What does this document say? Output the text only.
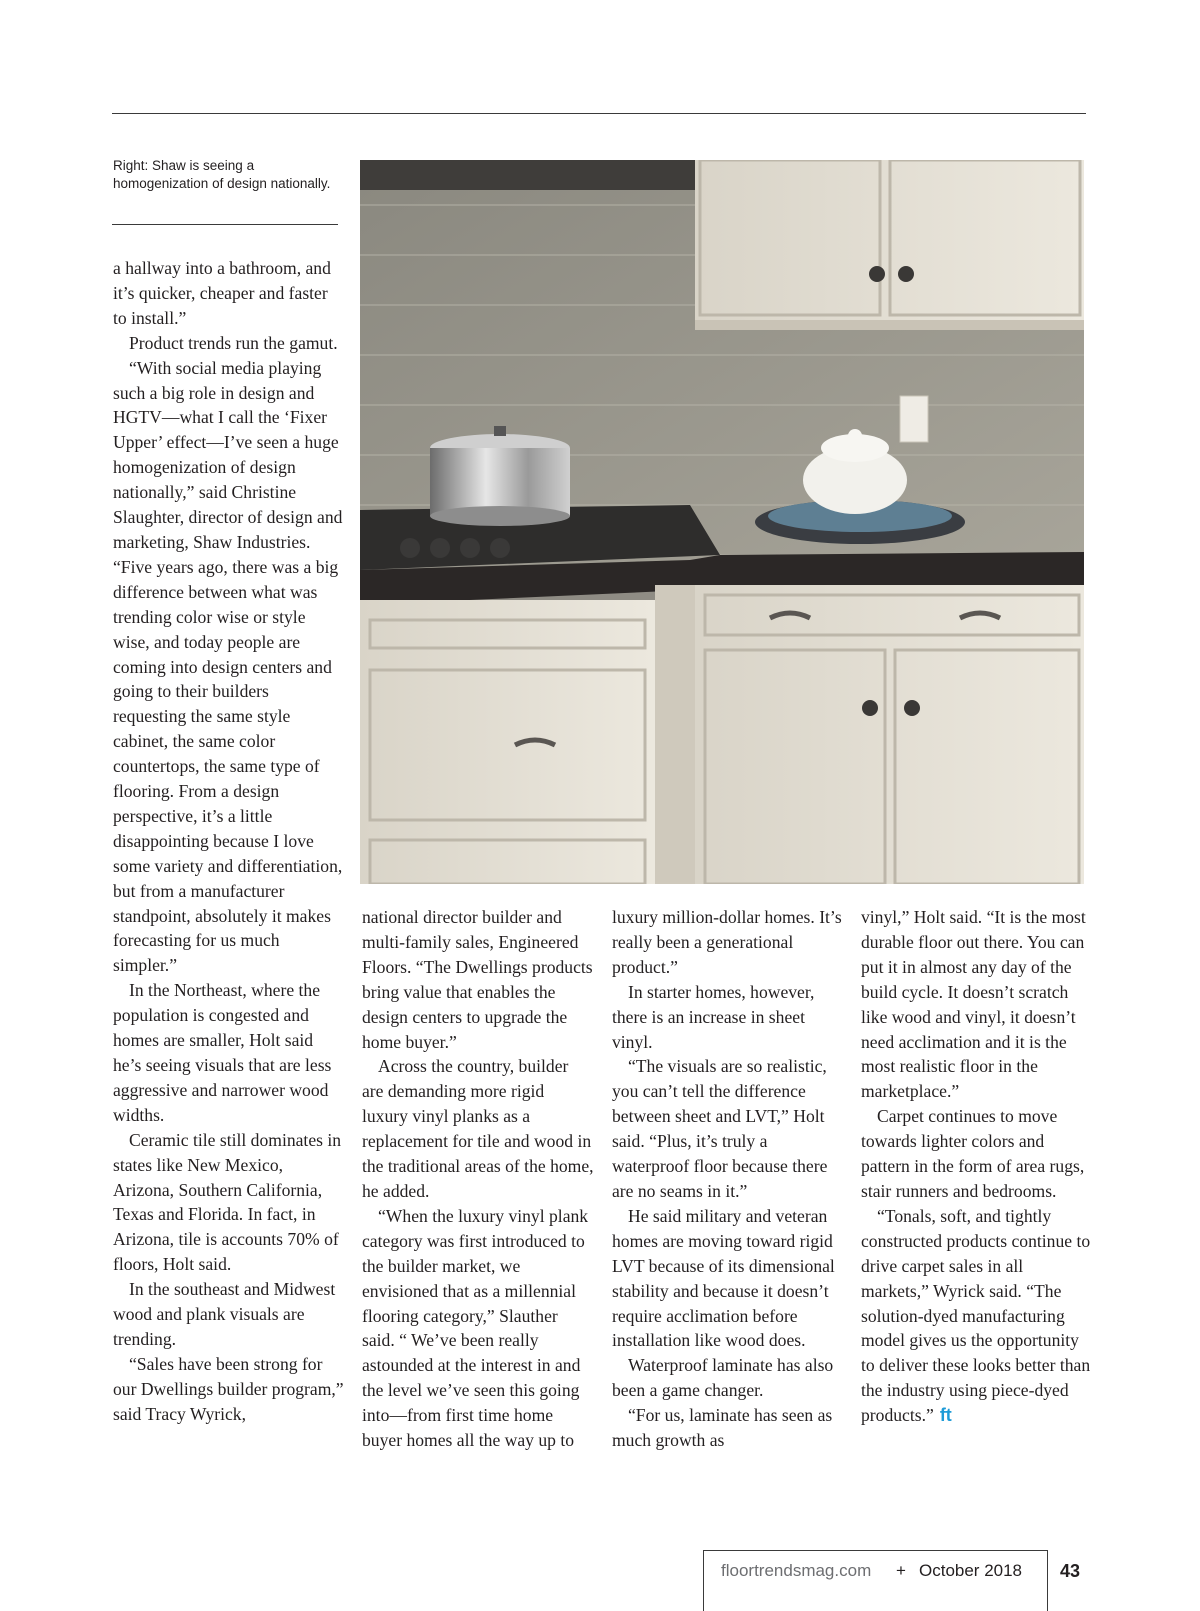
Right: Shaw is seeing a homogenization of design nationally.

a hallway into a bathroom, and it’s quicker, cheaper and faster to install.”

Product trends run the gamut.

“With social media playing such a big role in design and HGTV—what I call the ‘Fixer Upper’ effect—I’ve seen a huge homogenization of design nationally,” said Christine Slaughter, director of design and marketing, Shaw Industries. “Five years ago, there was a big difference between what was trending color wise or style wise, and today people are coming into design centers and going to their builders requesting the same style cabinet, the same color countertops, the same type of flooring. From a design perspective, it’s a little disappointing because I love some variety and differentiation, but from a manufacturer standpoint, absolutely it makes forecasting for us much simpler.”

In the Northeast, where the population is congested and homes are smaller, Holt said he’s seeing visuals that are less aggressive and narrower wood widths.

Ceramic tile still dominates in states like New Mexico, Arizona, Southern California, Texas and Florida. In fact, in Arizona, tile is accounts 70% of floors, Holt said.

In the southeast and Midwest wood and plank visuals are trending.

“Sales have been strong for our Dwellings builder program,” said Tracy Wyrick,

national director builder and multi-family sales, Engineered Floors. “The Dwellings products bring value that enables the design centers to upgrade the home buyer.”

Across the country, builder are demanding more rigid luxury vinyl planks as a replacement for tile and wood in the traditional areas of the home, he added.

“When the luxury vinyl plank category was first introduced to the builder market, we envisioned that as a millennial flooring category,” Slauther said. “ We’ve been really astounded at the interest in and the level we’ve seen this going into—from first time home buyer homes all the way up to

luxury million-dollar homes. It’s really been a generational product.”

In starter homes, however, there is an increase in sheet vinyl.

“The visuals are so realistic, you can’t tell the difference between sheet and LVT,” Holt said. “Plus, it’s truly a waterproof floor because there are no seams in it.”

He said military and veteran homes are moving toward rigid LVT because of its dimensional stability and because it doesn’t require acclimation before installation like wood does.

Waterproof laminate has also been a game changer.

“For us, laminate has seen as much growth as

vinyl,” Holt said. “It is the most durable floor out there. You can put it in almost any day of the build cycle. It doesn’t scratch like wood and vinyl, it doesn’t need acclimation and it is the most realistic floor in the marketplace.”

Carpet continues to move towards lighter colors and pattern in the form of area rugs, stair runners and bedrooms.

“Tonals, soft, and tightly constructed products continue to drive carpet sales in all markets,” Wyrick said. “The solution-dyed manufacturing model gives us the opportunity to deliver these looks better than the industry using piece-dyed products.” ft

floortrendsmag.com + October 2018 43
